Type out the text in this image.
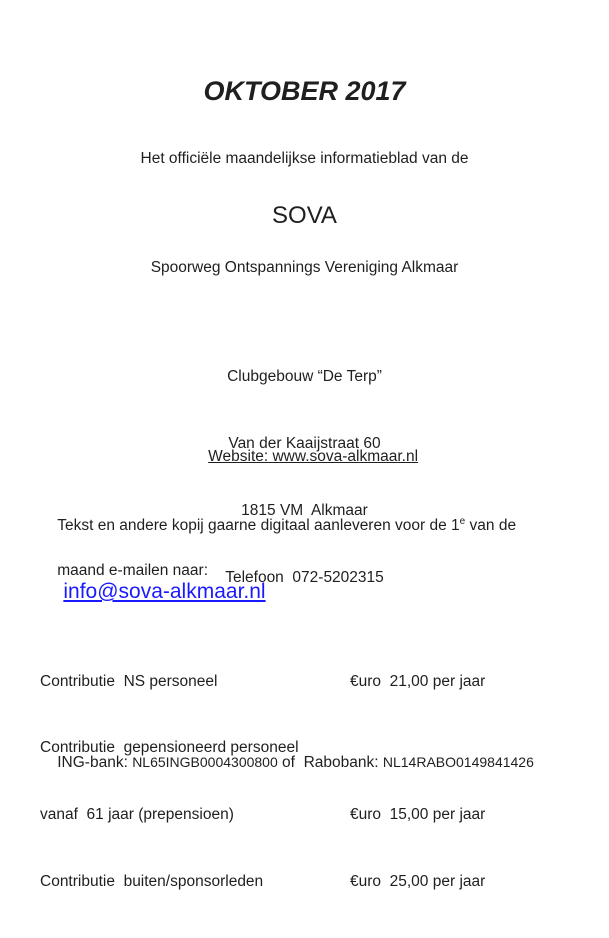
OKTOBER 2017
Het officiële maandelijkse informatieblad van de
SOVA
Spoorweg Ontspannings Vereniging Alkmaar

Clubgebouw “De Terp”

Van der Kaaijstraat 60

1815 VM  Alkmaar

Telefoon  072-5202315

Website: www.sova-alkmaar.nl

Tekst en andere kopij gaarne digitaal aanleveren voor de 1e van de

maand e-mailen naar:

info@sova-alkmaar.nl

Contributie  NS personeel	€uro  21,00 per jaar

Contributie  gepensioneerd personeel

vanaf  61 jaar (prepensioen)	€uro  15,00 per jaar

Contributie  buiten/sponsorleden	€uro  25,00 per jaar

ING-bank: NL65INGB0004300800 of  Rabobank: NL14RABO0149841426
